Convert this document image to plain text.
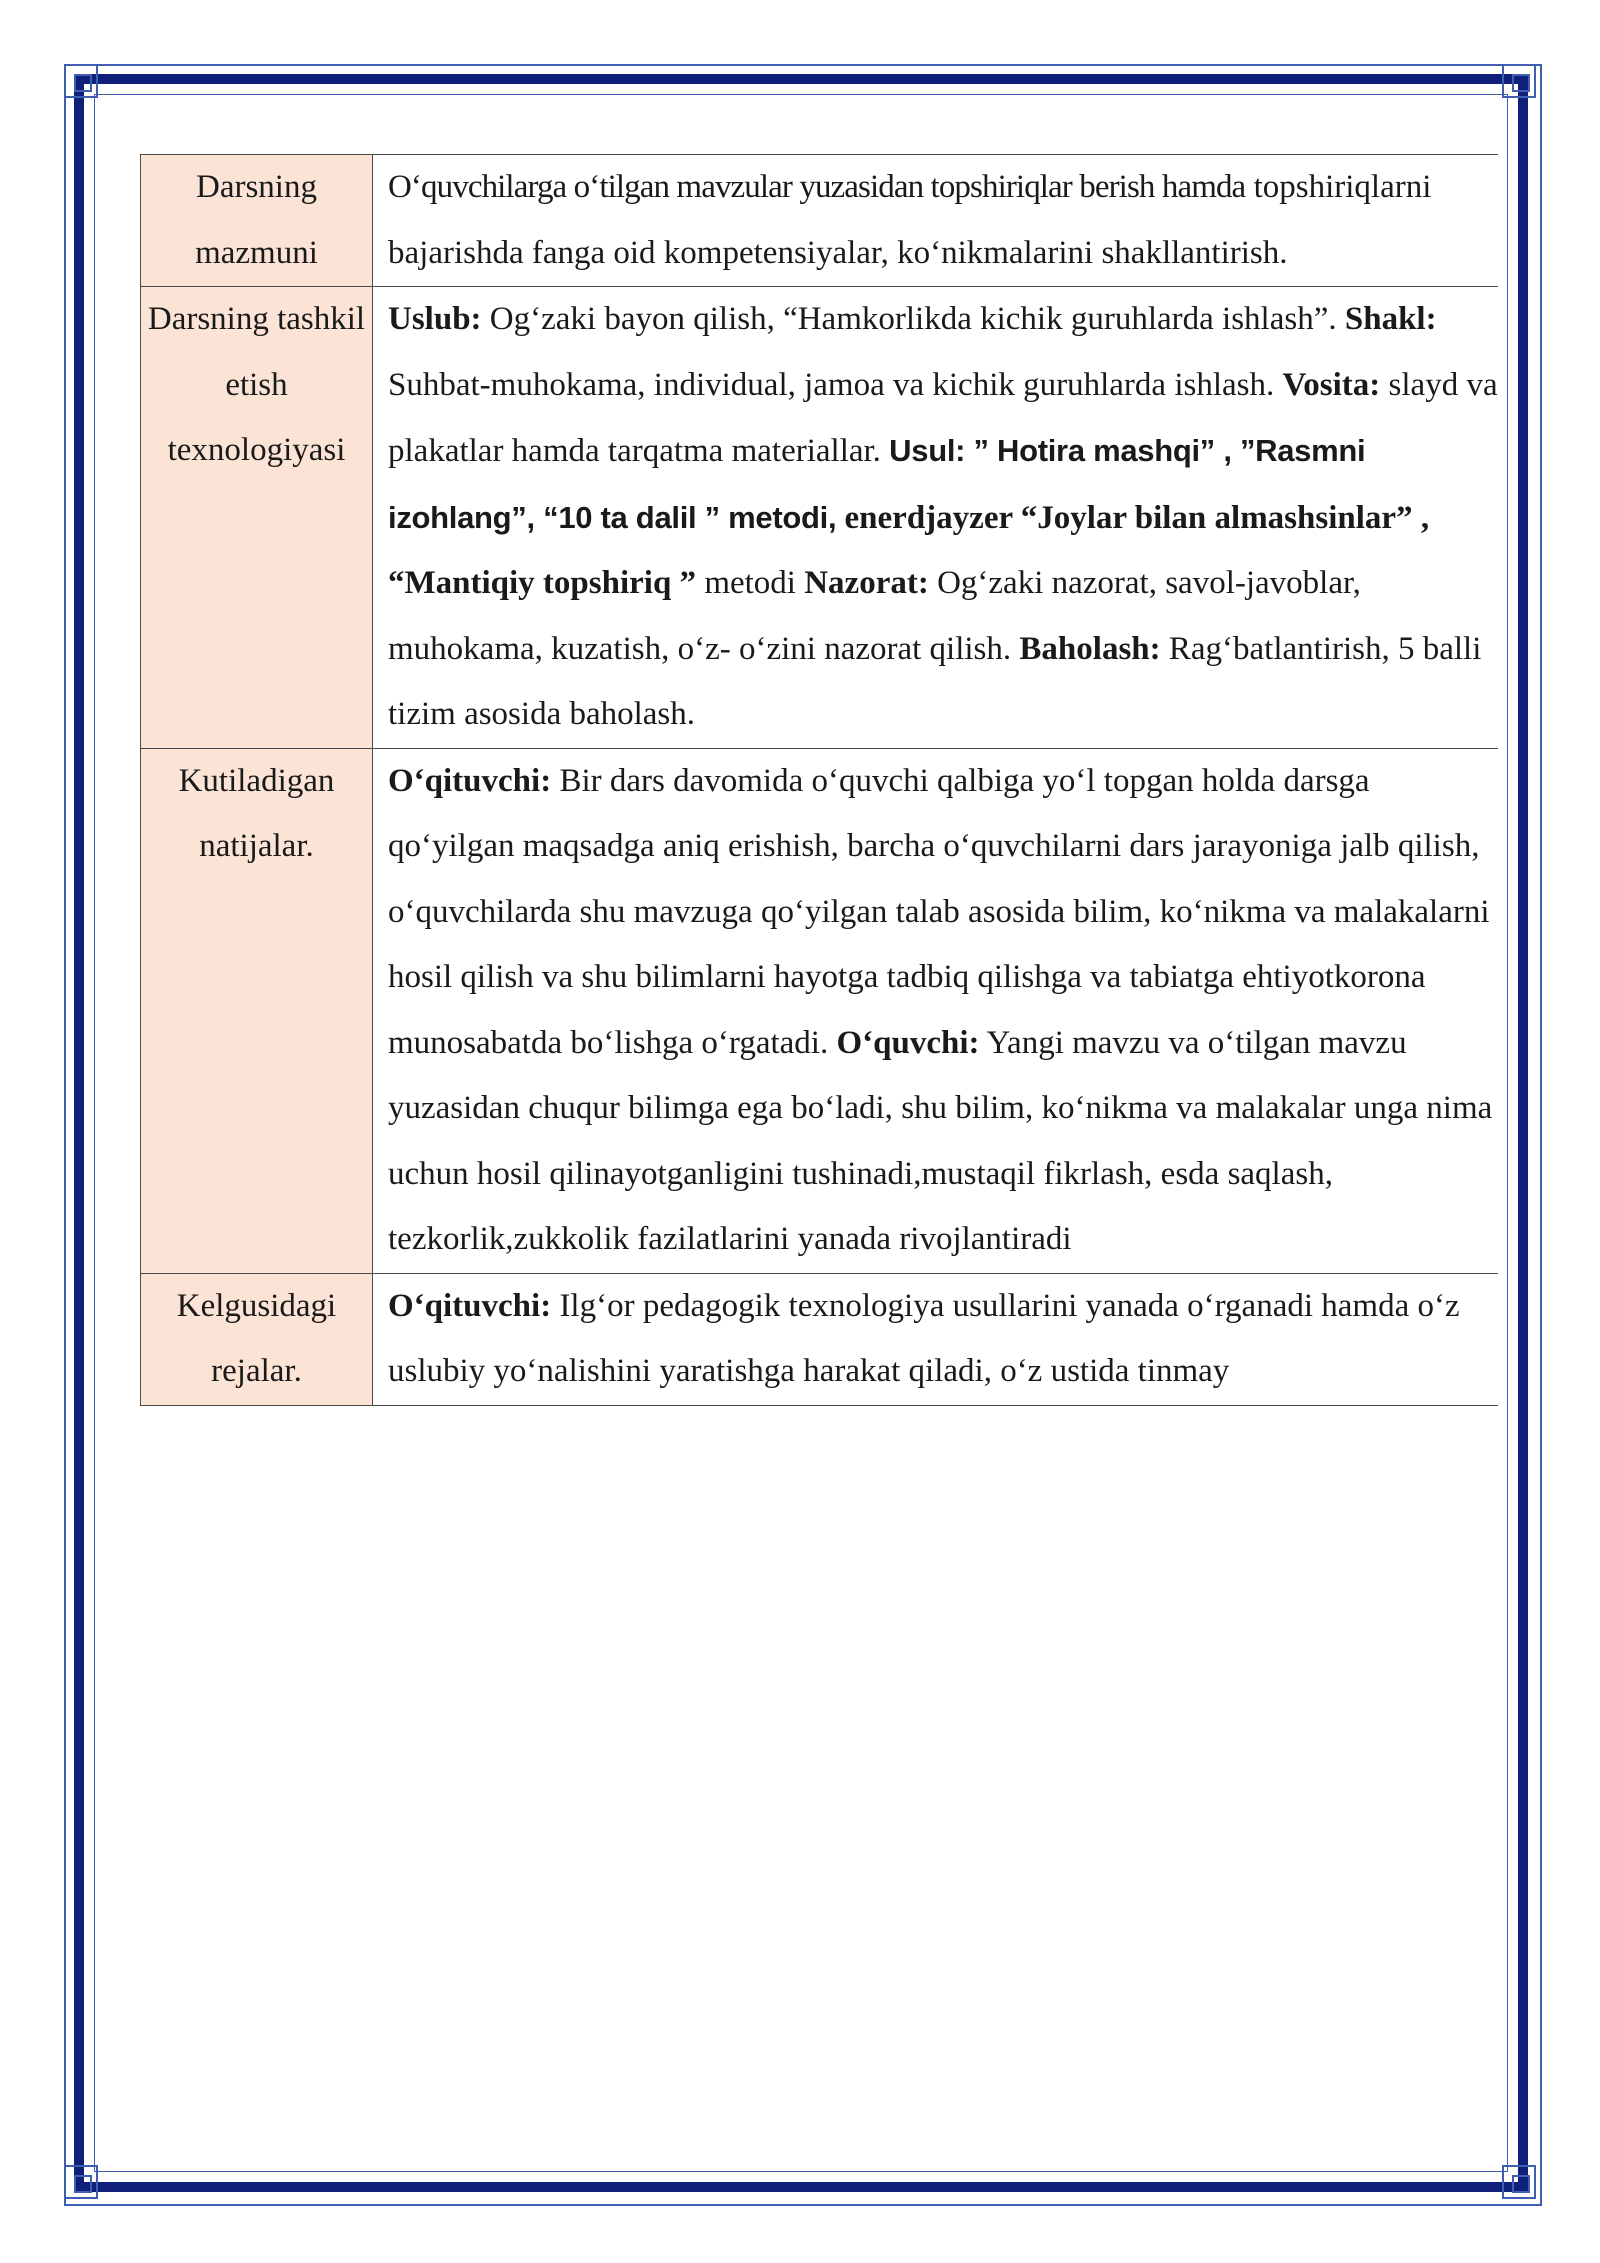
Darsning mazmuni	O‘quvchilarga o‘tilgan mavzular yuzasidan topshiriqlar berish hamda topshiriqlarni bajarishda fanga oid kompetensiyalar, ko‘nikmalarini shakllantirish.
Darsning tashkil etish texnologiyasi	Uslub: Og‘zaki bayon qilish, “Hamkorlikda kichik guruhlarda ishlash”. Shakl: Suhbat-muhokama, individual, jamoa va kichik guruhlarda ishlash. Vosita: slayd va plakatlar hamda tarqatma materiallar. Usul: ” Hotira mashqi” , ”Rasmni izohlang”, “10 ta dalil ” metodi, enerdjayzer “Joylar bilan almashsinlar” , “Mantiqiy topshiriq ” metodi Nazorat: Og‘zaki nazorat, savol-javoblar, muhokama, kuzatish, o‘z- o‘zini nazorat qilish. Baholash: Rag‘batlantirish, 5 balli tizim asosida baholash.
Kutiladigan natijalar.	O‘qituvchi: Bir dars davomida o‘quvchi qalbiga yo‘l topgan holda darsga qo‘yilgan maqsadga aniq erishish, barcha o‘quvchilarni dars jarayoniga jalb qilish, o‘quvchilarda shu mavzuga qo‘yilgan talab asosida bilim, ko‘nikma va malakalarni hosil qilish va shu bilimlarni hayotga tadbiq qilishga va tabiatga ehtiyotkorona munosabatda bo‘lishga o‘rgatadi. O‘quvchi: Yangi mavzu va o‘tilgan mavzu yuzasidan chuqur bilimga ega bo‘ladi, shu bilim, ko‘nikma va malakalar unga nima uchun hosil qilinayotganligini tushinadi,mustaqil fikrlash, esda saqlash, tezkorlik,zukkolik fazilatlarini yanada rivojlantiradi
Kelgusidagi rejalar.	O‘qituvchi: Ilg‘or pedagogik texnologiya usullarini yanada o‘rganadi hamda o‘z uslubiy yo‘nalishini yaratishga harakat qiladi, o‘z ustida tinmay
